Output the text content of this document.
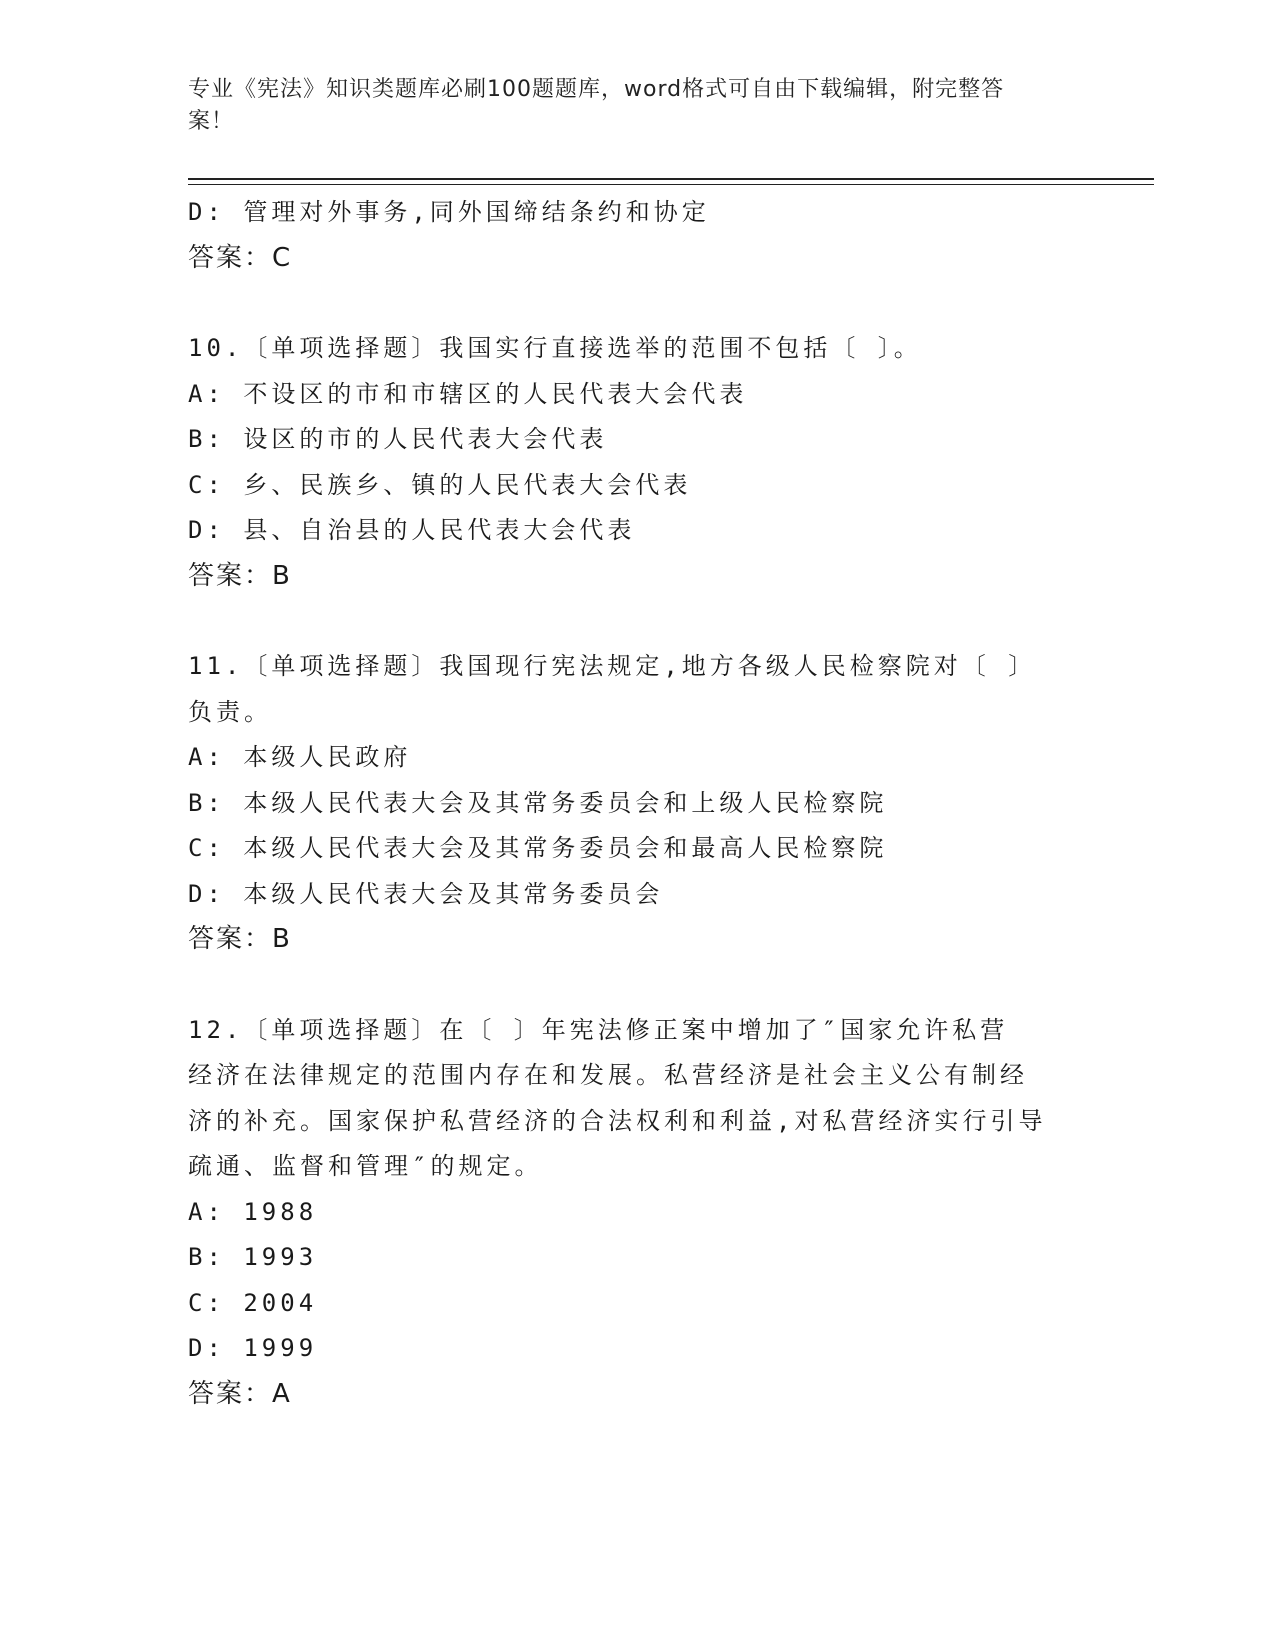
专业《宪法》知识类题库必刷100题题库，word格式可自由下载编辑，附完整答
案！
D: 管理对外事务,同外国缔结条约和协定
答案：C
10.〔单项选择题〕我国实行直接选举的范围不包括〔 〕。
A: 不设区的市和市辖区的人民代表大会代表
B: 设区的市的人民代表大会代表
C: 乡、民族乡、镇的人民代表大会代表
D: 县、自治县的人民代表大会代表
答案：B
11.〔单项选择题〕我国现行宪法规定,地方各级人民检察院对〔 〕
负责。
A: 本级人民政府
B: 本级人民代表大会及其常务委员会和上级人民检察院
C: 本级人民代表大会及其常务委员会和最高人民检察院
D: 本级人民代表大会及其常务委员会
答案：B
12.〔单项选择题〕在〔 〕年宪法修正案中增加了″国家允许私营
经济在法律规定的范围内存在和发展。私营经济是社会主义公有制经
济的补充。国家保护私营经济的合法权利和利益,对私营经济实行引导
疏通、监督和管理″的规定。
A: 1988
B: 1993
C: 2004
D: 1999
答案：A
